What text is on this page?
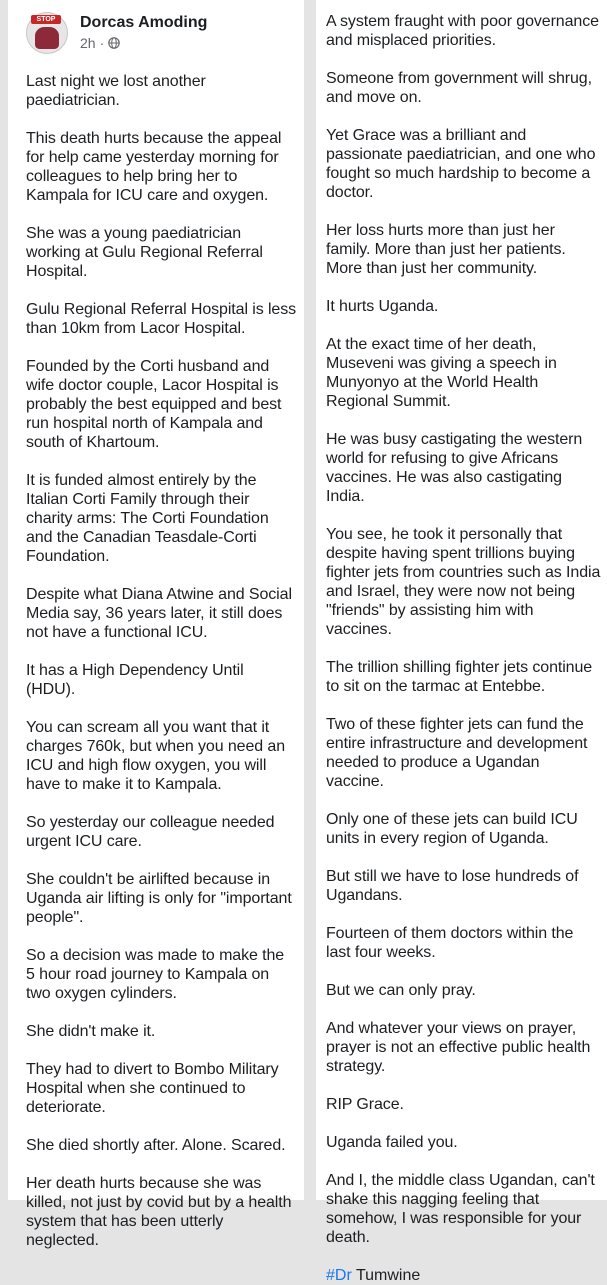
STOP	Dorcas Amoding
2h ·

Last night we lost another paediatrician.

This death hurts because the appeal for help came yesterday morning for colleagues to help bring her to Kampala for ICU care and oxygen.

She was a young paediatrician working at Gulu Regional Referral Hospital.

Gulu Regional Referral Hospital is less than 10km from Lacor Hospital.

Founded by the Corti husband and wife doctor couple, Lacor Hospital is probably the best equipped and best run hospital north of Kampala and south of Khartoum.

It is funded almost entirely by the Italian Corti Family through their charity arms: The Corti Foundation and the Canadian Teasdale-Corti Foundation.

Despite what Diana Atwine and Social Media say, 36 years later, it still does not have a functional ICU.

It has a High Dependency Until (HDU).

You can scream all you want that it charges 760k, but when you need an ICU and high flow oxygen, you will have to make it to Kampala.

So yesterday our colleague needed urgent ICU care.

She couldn't be airlifted because in Uganda air lifting is only for "important people".

So a decision was made to make the 5 hour road journey to Kampala on two oxygen cylinders.

She didn't make it.

They had to divert to Bombo Military Hospital when she continued to deteriorate.

She died shortly after. Alone. Scared.

Her death hurts because she was killed, not just by covid but by a health system that has been utterly neglected.

A system fraught with poor governance and misplaced priorities.

Someone from government will shrug, and move on.

Yet Grace was a brilliant and passionate paediatrician, and one who fought so much hardship to become a doctor.

Her loss hurts more than just her family. More than just her patients. More than just her community.

It hurts Uganda.

At the exact time of her death, Museveni was giving a speech in Munyonyo at the World Health Regional Summit.

He was busy castigating the western world for refusing to give Africans vaccines. He was also castigating India.

You see, he took it personally that despite having spent trillions buying fighter jets from countries such as India and Israel, they were now not being "friends" by assisting him with vaccines.

The trillion shilling fighter jets continue to sit on the tarmac at Entebbe.

Two of these fighter jets can fund the entire infrastructure and development needed to produce a Ugandan vaccine.

Only one of these jets can build ICU units in every region of Uganda.

But still we have to lose hundreds of Ugandans.

Fourteen of them doctors within the last four weeks.

But we can only pray.

And whatever your views on prayer, prayer is not an effective public health strategy.

RIP Grace.

Uganda failed you.

And I, the middle class Ugandan, can't shake this nagging feeling that somehow, I was responsible for your death.

#Dr Tumwine
